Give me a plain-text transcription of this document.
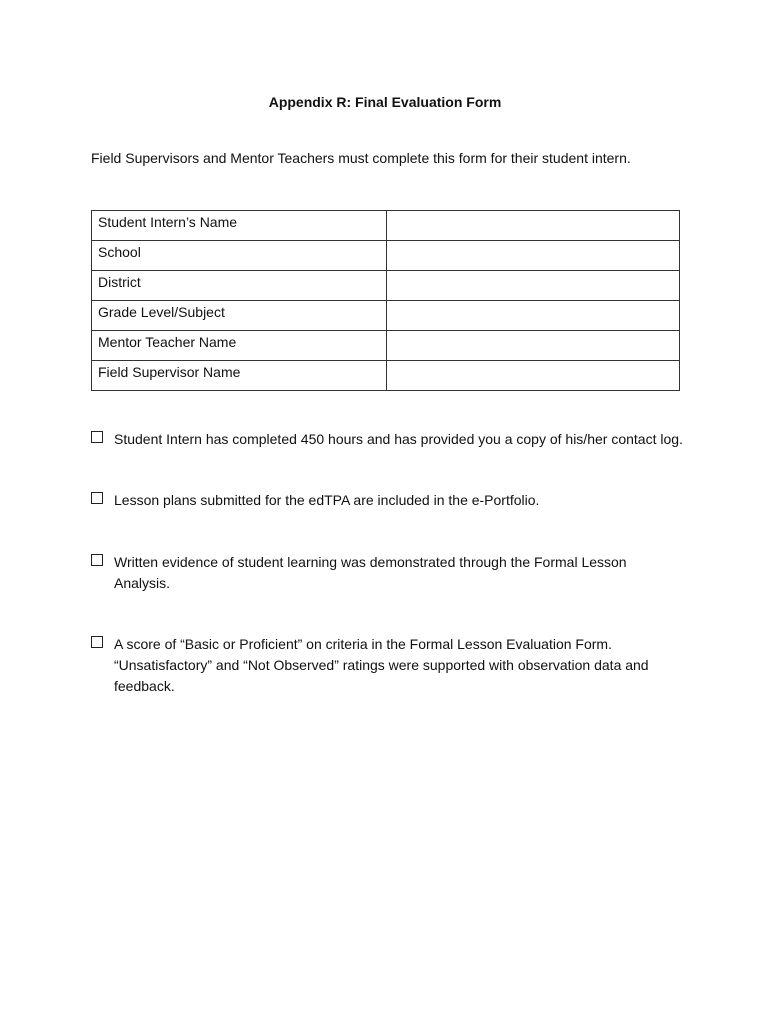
Appendix R: Final Evaluation Form
Field Supervisors and Mentor Teachers must complete this form for their student intern.
Student Intern’s Name	
School	
District	
Grade Level/Subject	
Mentor Teacher Name	
Field Supervisor Name	
Student Intern has completed 450 hours and has provided you a copy of his/her contact log.
Lesson plans submitted for the edTPA are included in the e-Portfolio.
Written evidence of student learning was demonstrated through the Formal Lesson Analysis.
A score of “Basic or Proficient” on criteria in the Formal Lesson Evaluation Form. “Unsatisfactory” and “Not Observed” ratings were supported with observation data and feedback.
